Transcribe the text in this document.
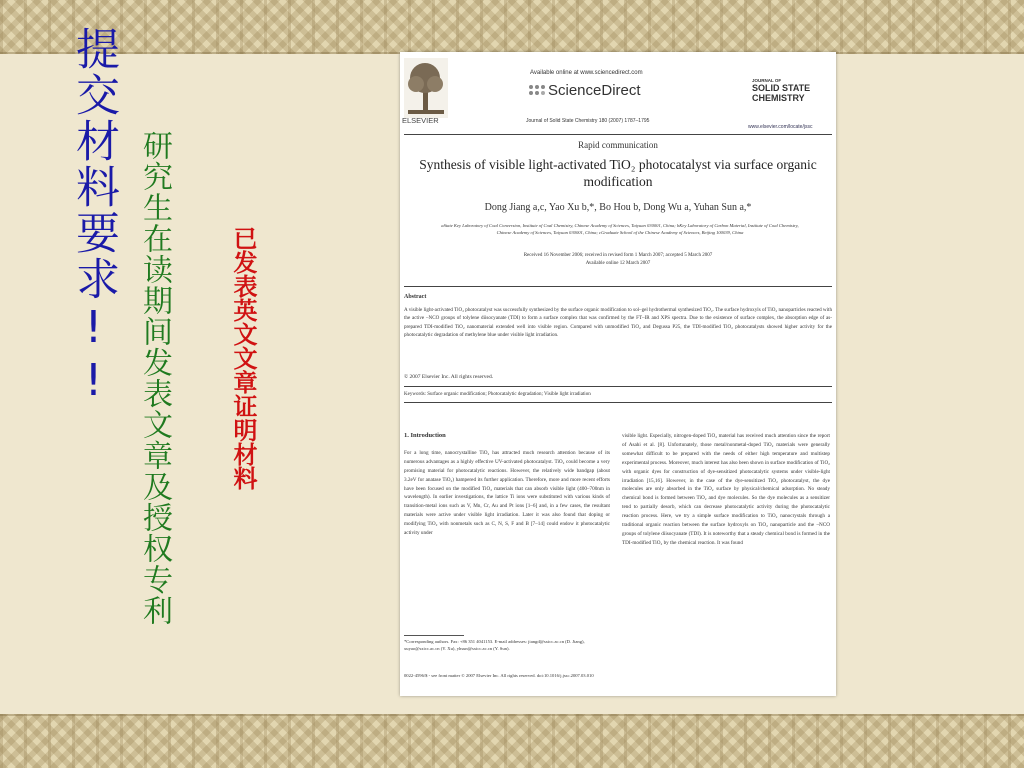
提交材料要求!! 研究生在读期间发表文章及授权专利 已发表英文文章证明材料
ELSEVIER
Available online at www.sciencedirect.com
ScienceDirect
Journal of Solid State Chemistry 180 (2007) 1787–1795
JOURNAL OF
SOLID STATE CHEMISTRY
www.elsevier.com/locate/jssc
Rapid communication
Synthesis of visible light-activated TiO₂ photocatalyst via surface organic modification
Dong Jiang a,c, Yao Xu b,*, Bo Hou b, Dong Wu a, Yuhan Sun a,*
aState Key Laboratory of Coal Conversion, Institute of Coal Chemistry, Chinese Academy of Sciences, Taiyuan 030001, China; bKey Laboratory of Carbon Material, Institute of Coal Chemistry, Chinese Academy of Sciences, Taiyuan 030001, China; cGraduate School of the Chinese Academy of Sciences, Beijing 100039, China
Received 16 November 2006; received in revised form 1 March 2007; accepted 5 March 2007
Available online 12 March 2007
Abstract
A visible light-activated TiO₂ photocatalyst was successfully synthesized by the surface organic modification to sol–gel hydrothermal synthesized TiO₂. The surface hydroxyls of TiO₂ nanoparticles reacted with the active –NCO groups of tolylene diisocyanate (TDI) to form a surface complex that was confirmed by the FT–IR and XPS spectra. Due to the existence of surface complex, the absorption edge of as-prepared TDI-modified TiO₂ nanomaterial extended well into visible region. Compared with unmodified TiO₂ and Degussa P25, the TDI-modified TiO₂ photocatalysts showed higher activity for the photocatalytic degradation of methylene blue under visible light irradiation.
© 2007 Elsevier Inc. All rights reserved.
Keywords: Surface organic modification; Photocatalytic degradation; Visible light irradiation
1. Introduction
For a long time, nanocrystalline TiO₂ has attracted much research attention because of its numerous advantages as a highly effective UV-activated photocatalyst. TiO₂ could become a very promising material for photocatalytic reactions. However, the relatively wide bandgap (about 3.2eV for anatase TiO₂) hampered its further application. Therefore, more and more recent efforts have been focused on the modified TiO₂ materials that can absorb visible light (400–700nm in wavelength). In earlier investigations, the lattice Ti ions were substituted with various kinds of transition-metal ions such as V, Mn, Cr, Au and Pt ions [1–6] and, in a few cases, the resultant materials were active under visible light irradiation. Later it was also found that doping or modifying TiO₂ with nonmetals such as C, N, S, F and B [7–14] could endow it photocatalytic activity under
visible light. Especially, nitrogen-doped TiO₂ material has received much attention since the report of Asahi et al. [8]. Unfortunately, those metal/nonmetal-doped TiO₂ materials were generally somewhat difficult to be prepared with the needs of either high temperature and multistep experimental process. Moreover, much interest has also been shown in surface modification of TiO₂ with organic dyes for construction of dye-sensitized photocatalytic systems under visible-light irradiation [15,16]. However, in the case of the dye-sensitized TiO₂ photocatalyst, the dye molecules are only absorbed in the TiO₂ surface by physical/chemical adsorption. No steady chemical bond is formed between TiO₂ and dye molecules. So the dye molecules as a sensitizer tend to partially desorb, which can decrease photocatalytic activity during the photocatalytic reaction process. Here, we try a simple surface modification to TiO₂ nanocrystals through a traditional organic reaction between the surface hydroxyls on TiO₂ nanoparticle and the –NCO groups of tolylene diisocyanate (TDI). It is noteworthy that a steady chemical bond is formed in the TDI-modified TiO₂ by the chemical reaction. It was found
*Corresponding authors. Fax: +86 351 4041153. E-mail addresses: jiangd@sxicc.ac.cn (D. Jiang), xuyao@sxicc.ac.cn (Y. Xu), yhsun@sxicc.ac.cn (Y. Sun).
0022-4596/$ - see front matter © 2007 Elsevier Inc. All rights reserved. doi:10.1016/j.jssc.2007.03.010
